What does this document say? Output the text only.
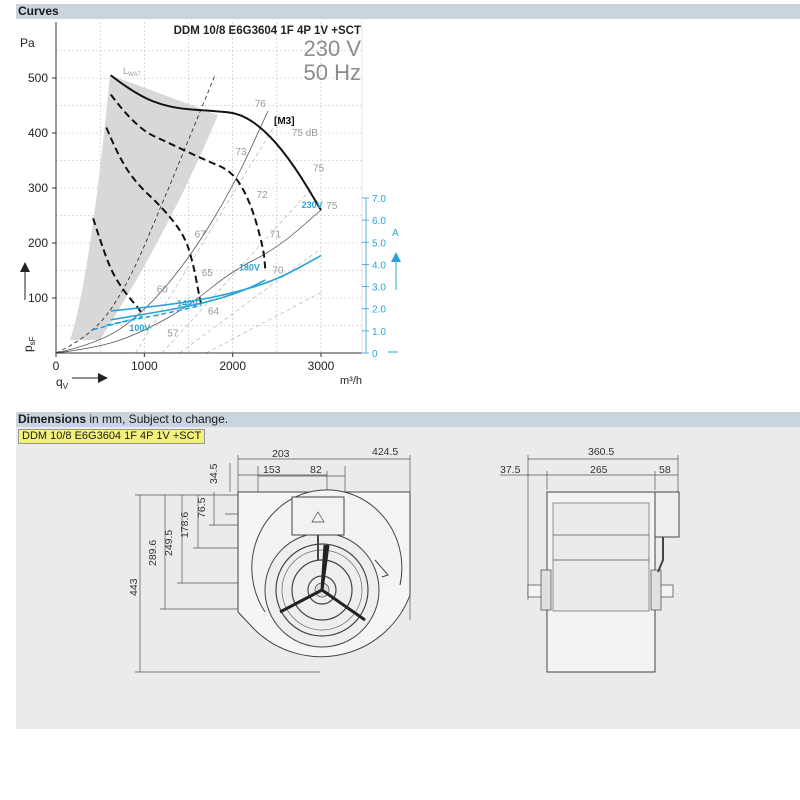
Curves
100
200
300
400
500
0	1000	2000	3000
0
1.0
2.0
3.0
4.0
5.0
6.0
7.0
230V
180V
140V
100V
76
75 dB
73
75
72
75
67	71
65	70
60
64
57
DDM 10/8 E6G3604 1F 4P 1V +SCT
230 V
50 Hz
Pa
m³/h
A
$p_{sF}$
$q_V$
$L_{WA7}$
[M3]
Dimensions in mm, Subject to change.
DDM 10/8 E6G3604 1F 4P 1V +SCT
424.5
203
153	82
34.5
76.5
178.6
249.5
289.6
443
360.5
37.5	265	58
